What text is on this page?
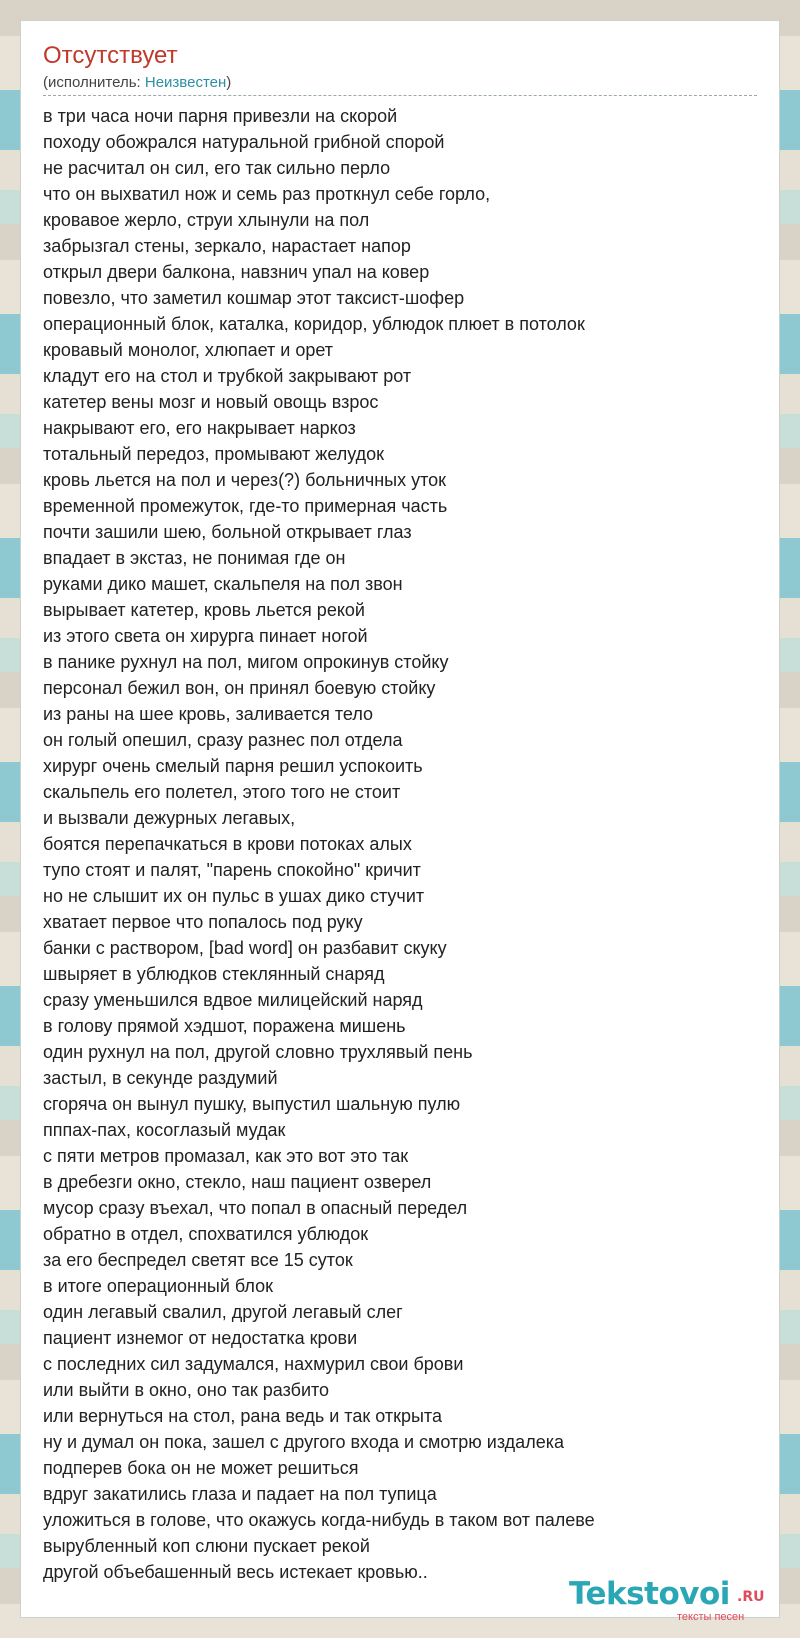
Отсутствует
(исполнитель: Неизвестен)
в три часа ночи парня привезли на скорой
походу обожрался натуральной грибной спорой
не расчитал он сил, его так сильно перло
что он выхватил нож и семь раз проткнул себе горло,
кровавое жерло, струи хлынули на пол
забрызгал стены, зеркало, нарастает напор
открыл двери балкона, навзнич упал на ковер
повезло, что заметил кошмар этот таксист-шофер
операционный блок, каталка, коридор, ублюдок плюет в потолок
кровавый монолог, хлюпает и орет
кладут его на стол и трубкой закрывают рот
катетер вены мозг и новый овощь взрос
накрывают его, его накрывает наркоз
тотальный передоз, промывают желудок
кровь льется на пол и через(?) больничных уток
временной промежуток, где-то примерная часть
почти зашили шею, больной открывает глаз
впадает в экстаз, не понимая где он
руками дико машет, скальпеля на пол звон
вырывает катетер, кровь льется рекой
из этого света он хирурга пинает ногой
в панике рухнул на пол, мигом опрокинув стойку
персонал бежил вон, он принял боевую стойку
из раны на шее кровь, заливается тело
он голый опешил, сразу разнес пол отдела
хирург очень смелый парня решил успокоить
скальпель его полетел, этого того не стоит
и вызвали дежурных легавых,
боятся перепачкаться в крови потоках алых
тупо стоят и палят, "парень спокойно" кричит
но не слышит их он пульс в ушах дико стучит
хватает первое что попалось под руку
банки с раствором, [bad word] он разбавит скуку
швыряет в ублюдков стеклянный снаряд
сразу уменьшился вдвое милицейский наряд
в голову прямой хэдшот, поражена мишень
один рухнул на пол, другой словно трухлявый пень
застыл, в секунде раздумий
сгоряча он вынул пушку, выпустил шальную пулю
пппах-пах, косоглазый мудак
с пяти метров промазал, как это вот это так
в дребезги окно, стекло, наш пациент озверел
мусор сразу въехал, что попал в опасный передел
обратно в отдел, спохватился ублюдок
за его беспредел светят все 15 суток
в итоге операционный блок
один легавый свалил, другой легавый слег
пациент изнемог от недостатка крови
с последних сил задумался, нахмурил свои брови
или выйти в окно, оно так разбито
или вернуться на стол, рана ведь и так открыта
ну и думал он пока, зашел с другого входа и смотрю издалека
подперев бока он не может решиться
вдруг закатились глаза и падает на пол тупица
уложиться в голове, что окажусь когда-нибудь в таком вот палеве
вырубленный коп слюни пускает рекой
другой объебашенный весь истекает кровью..
Tekstovoi .RU
тексты песен
